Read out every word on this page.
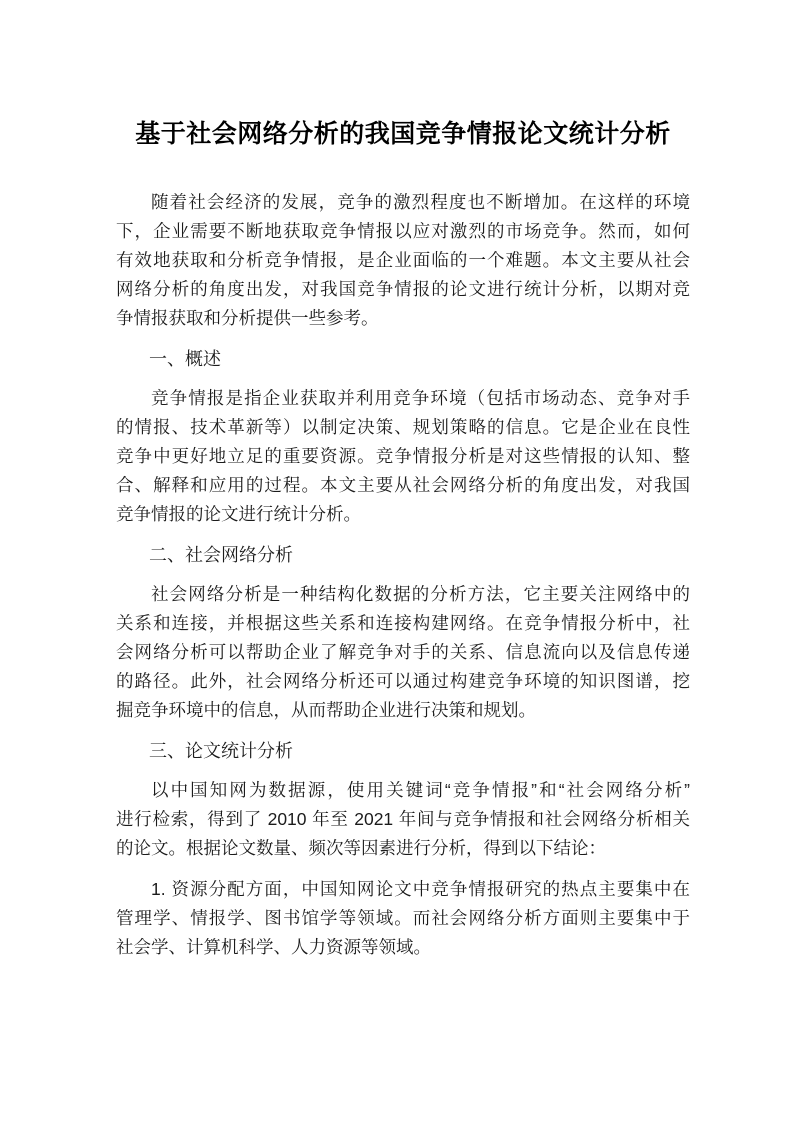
基于社会网络分析的我国竞争情报论文统计分析
随着社会经济的发展，竞争的激烈程度也不断增加。在这样的环境
下，企业需要不断地获取竞争情报以应对激烈的市场竞争。然而，如何
有效地获取和分析竞争情报，是企业面临的一个难题。本文主要从社会
网络分析的角度出发，对我国竞争情报的论文进行统计分析，以期对竞
争情报获取和分析提供一些参考。
一、概述
竞争情报是指企业获取并利用竞争环境（包括市场动态、竞争对手
的情报、技术革新等）以制定决策、规划策略的信息。它是企业在良性
竞争中更好地立足的重要资源。竞争情报分析是对这些情报的认知、整
合、解释和应用的过程。本文主要从社会网络分析的角度出发，对我国
竞争情报的论文进行统计分析。
二、社会网络分析
社会网络分析是一种结构化数据的分析方法，它主要关注网络中的
关系和连接，并根据这些关系和连接构建网络。在竞争情报分析中，社
会网络分析可以帮助企业了解竞争对手的关系、信息流向以及信息传递
的路径。此外，社会网络分析还可以通过构建竞争环境的知识图谱，挖
掘竞争环境中的信息，从而帮助企业进行决策和规划。
三、论文统计分析
以中国知网为数据源，使用关键词“竞争情报”和“社会网络分析”
进行检索，得到了 2010 年至 2021 年间与竞争情报和社会网络分析相关
的论文。根据论文数量、频次等因素进行分析，得到以下结论：
1. 资源分配方面，中国知网论文中竞争情报研究的热点主要集中在
管理学、情报学、图书馆学等领域。而社会网络分析方面则主要集中于
社会学、计算机科学、人力资源等领域。
